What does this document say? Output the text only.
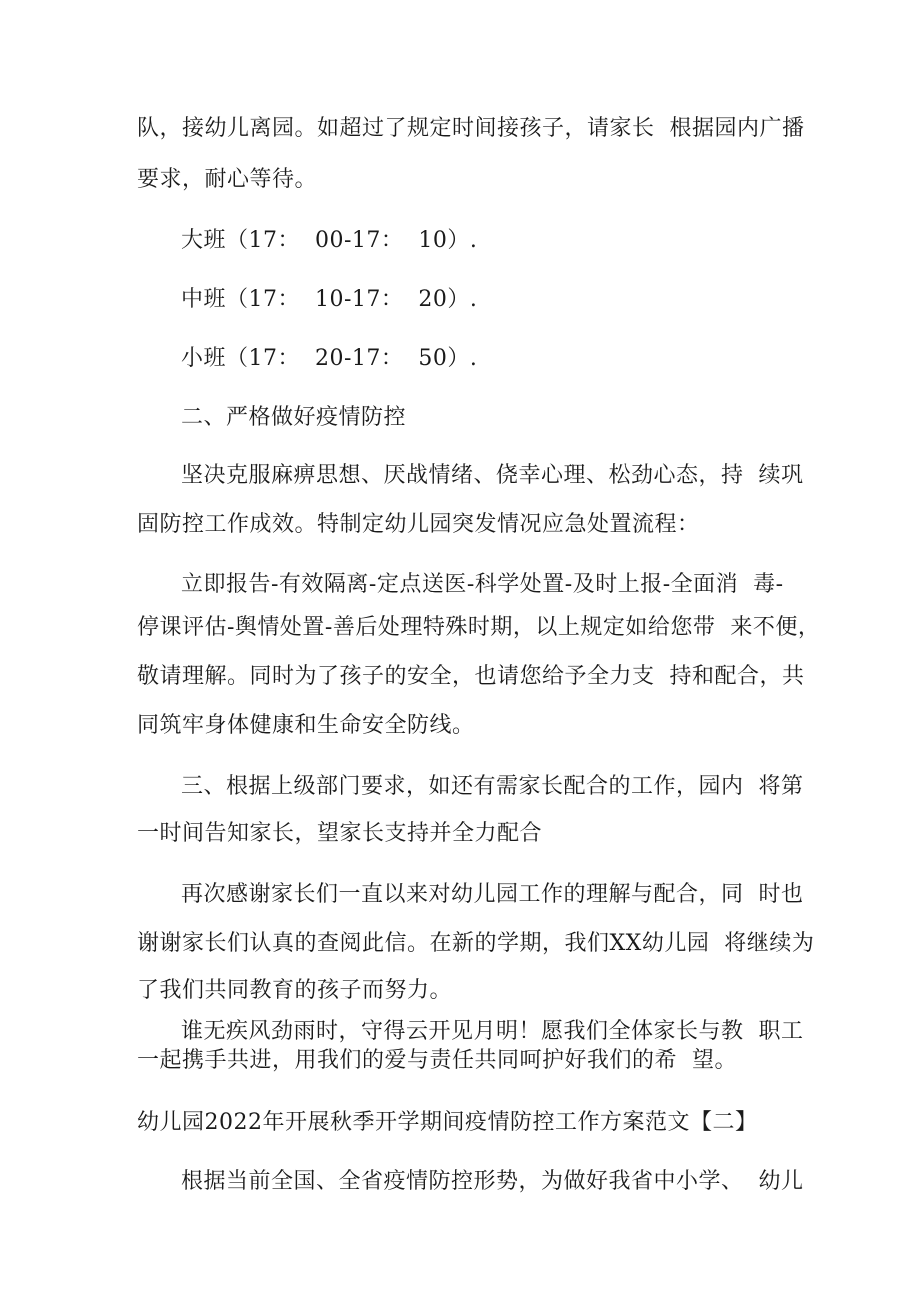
队，接幼儿离园。如超过了规定时间接孩子，请家长  根据园内广播
要求，耐心等待。
大班（17：  00-17：  10）.
中班（17：  10-17：  20）.
小班（17：  20-17：  50）.
二、严格做好疫情防控
坚决克服麻痹思想、厌战情绪、侥幸心理、松劲心态，持  续巩
固防控工作成效。特制定幼儿园突发情况应急处置流程：
立即报告-有效隔离-定点送医-科学处置-及时上报-全面消  毒-
停课评估-舆情处置-善后处理特殊时期，以上规定如给您带  来不便，
敬请理解。同时为了孩子的安全，也请您给予全力支  持和配合，共
同筑牢身体健康和生命安全防线。
三、根据上级部门要求，如还有需家长配合的工作，园内  将第
一时间告知家长，望家长支持并全力配合
再次感谢家长们一直以来对幼儿园工作的理解与配合，同  时也
谢谢家长们认真的查阅此信。在新的学期，我们XX幼儿园  将继续为
了我们共同教育的孩子而努力。
谁无疾风劲雨时，守得云开见月明！愿我们全体家长与教  职工
一起携手共进，用我们的爱与责任共同呵护好我们的希  望。
幼儿园2022年开展秋季开学期间疫情防控工作方案范文【二】
根据当前全国、全省疫情防控形势，为做好我省中小学、  幼儿
